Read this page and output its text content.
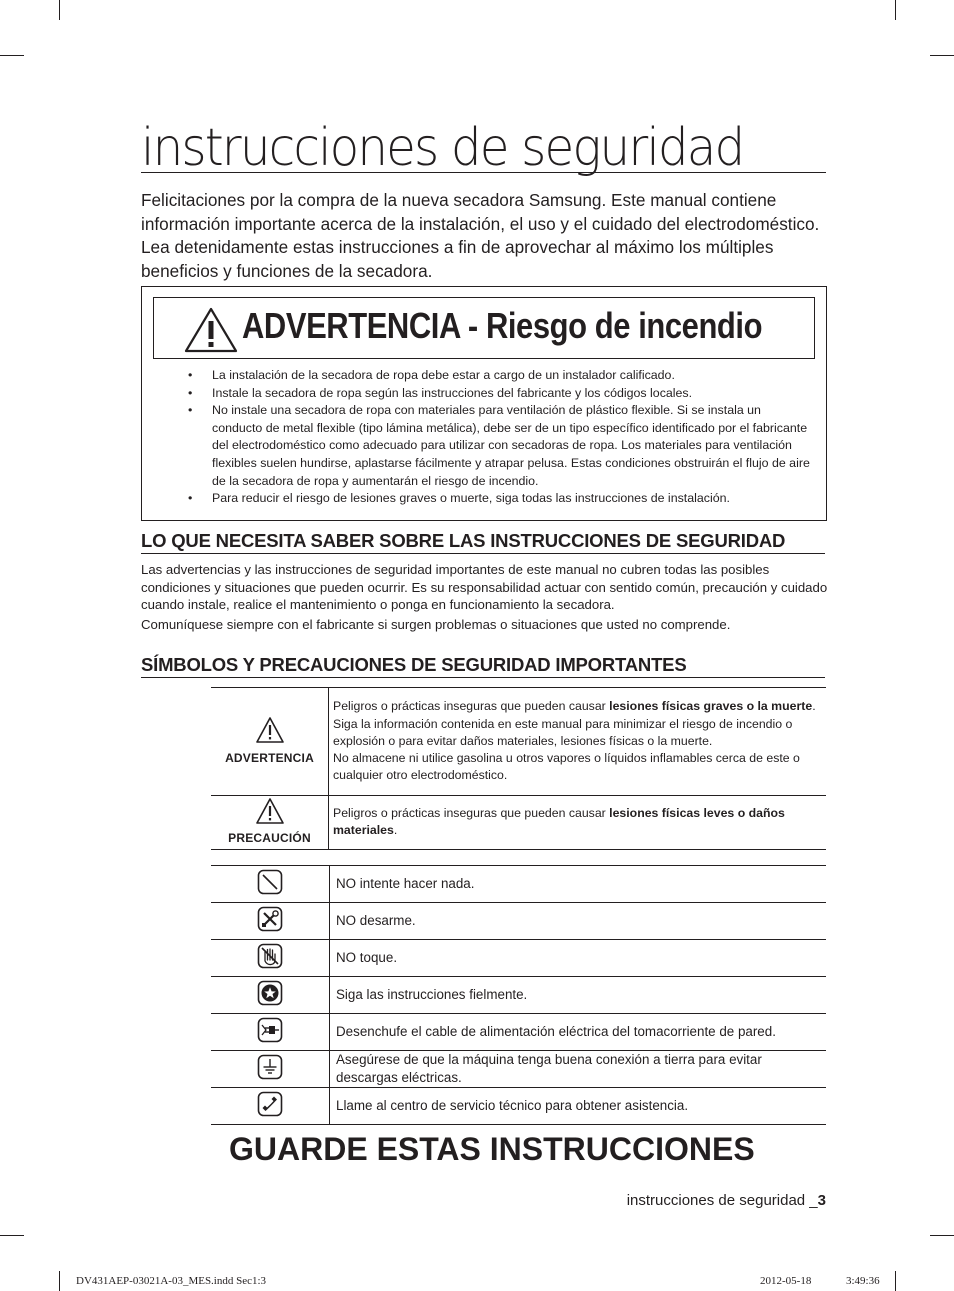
instrucciones de seguridad

Felicitaciones por la compra de la nueva secadora Samsung. Este manual contiene información importante acerca de la instalación, el uso y el cuidado del electrodoméstico. Lea detenidamente estas instrucciones a fin de aprovechar al máximo los múltiples beneficios y funciones de la secadora.

ADVERTENCIA - Riesgo de incendio
• La instalación de la secadora de ropa debe estar a cargo de un instalador calificado.
• Instale la secadora de ropa según las instrucciones del fabricante y los códigos locales.
• No instale una secadora de ropa con materiales para ventilación de plástico flexible. Si se instala un conducto de metal flexible (tipo lámina metálica), debe ser de un tipo específico identificado por el fabricante del electrodoméstico como adecuado para utilizar con secadoras de ropa. Los materiales para ventilación flexibles suelen hundirse, aplastarse fácilmente y atrapar pelusa. Estas condiciones obstruirán el flujo de aire de la secadora de ropa y aumentarán el riesgo de incendio.
• Para reducir el riesgo de lesiones graves o muerte, siga todas las instrucciones de instalación.
LO QUE NECESITA SABER SOBRE LAS INSTRUCCIONES DE SEGURIDAD

Las advertencias y las instrucciones de seguridad importantes de este manual no cubren todas las posibles condiciones y situaciones que pueden ocurrir. Es su responsabilidad actuar con sentido común, precaución y cuidado cuando instale, realice el mantenimiento o ponga en funcionamiento la secadora.

Comuníquese siempre con el fabricante si surgen problemas o situaciones que usted no comprende.

SÍMBOLOS Y PRECAUCIONES DE SEGURIDAD IMPORTANTES

ADVERTENCIA	Peligros o prácticas inseguras que pueden causar lesiones físicas graves o la muerte.
Siga la información contenida en este manual para minimizar el riesgo de incendio o explosión o para evitar daños materiales, lesiones físicas o la muerte.
No almacene ni utilice gasolina u otros vapores o líquidos inflamables cerca de este o cualquier otro electrodoméstico.

PRECAUCIÓN	Peligros o prácticas inseguras que pueden causar lesiones físicas leves o daños materiales.
	NO intente hacer nada.
	NO desarme.
	NO toque.
	Siga las instrucciones fielmente.
	Desenchufe el cable de alimentación eléctrica del tomacorriente de pared.
	Asegúrese de que la máquina tenga buena conexión a tierra para evitar descargas eléctricas.
	Llame al centro de servicio técnico para obtener asistencia.
GUARDE ESTAS INSTRUCCIONES
instrucciones de seguridad _3
DV431AEP-03021A-03_MES.indd Sec1:3	2012-05-18	3:49:36
